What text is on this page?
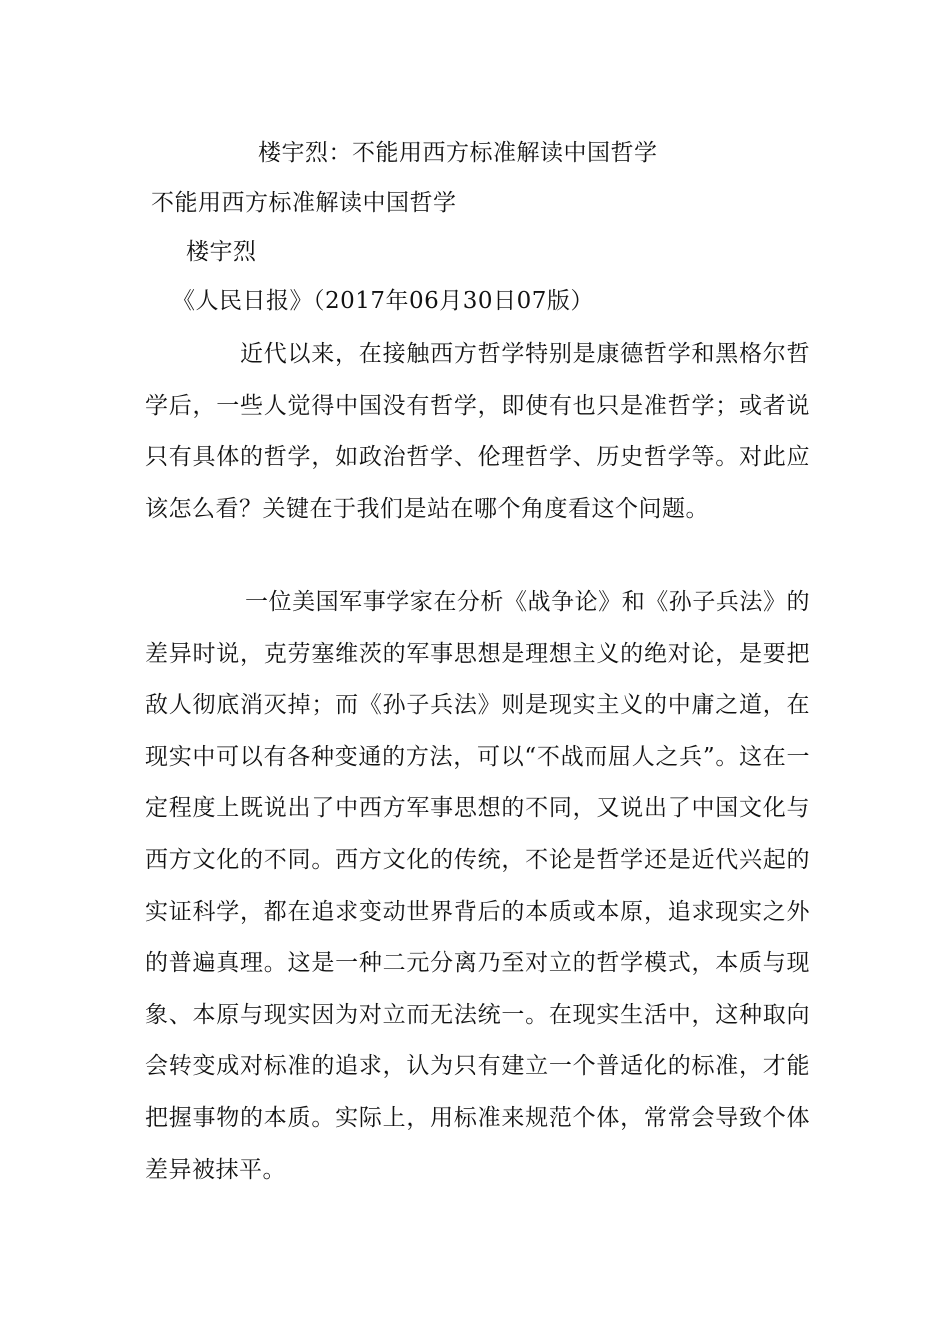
楼宇烈：不能用西方标准解读中国哲学
不能用西方标准解读中国哲学
楼宇烈
《人民日报》（2017年06月30日07版）

近代以来，在接触西方哲学特别是康德哲学和黑格尔哲学后，一些人觉得中国没有哲学，即使有也只是准哲学；或者说只有具体的哲学，如政治哲学、伦理哲学、历史哲学等。对此应该怎么看？关键在于我们是站在哪个角度看这个问题。

一位美国军事学家在分析《战争论》和《孙子兵法》的差异时说，克劳塞维茨的军事思想是理想主义的绝对论，是要把敌人彻底消灭掉；而《孙子兵法》则是现实主义的中庸之道，在现实中可以有各种变通的方法，可以“不战而屈人之兵”。这在一定程度上既说出了中西方军事思想的不同，又说出了中国文化与西方文化的不同。西方文化的传统，不论是哲学还是近代兴起的实证科学，都在追求变动世界背后的本质或本原，追求现实之外的普遍真理。这是一种二元分离乃至对立的哲学模式，本质与现象、本原与现实因为对立而无法统一。在现实生活中，这种取向会转变成对标准的追求，认为只有建立一个普适化的标准，才能把握事物的本质。实际上，用标准来规范个体，常常会导致个体差异被抹平。
